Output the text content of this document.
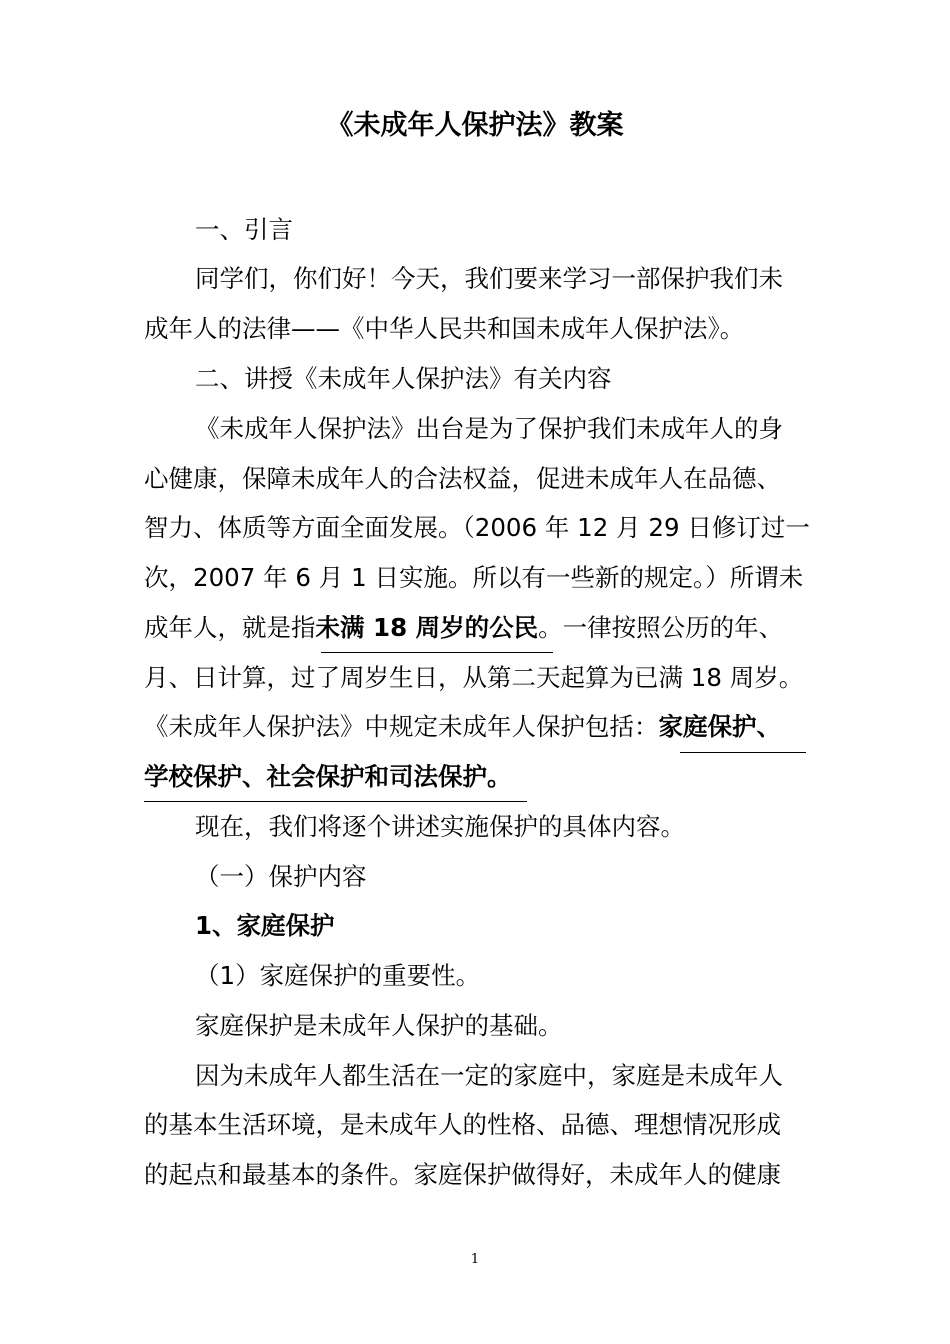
《未成年人保护法》教案
一、引言
同学们，你们好！今天，我们要来学习一部保护我们未
成年人的法律——《中华人民共和国未成年人保护法》。
二、讲授《未成年人保护法》有关内容
《未成年人保护法》出台是为了保护我们未成年人的身
心健康，保障未成年人的合法权益，促进未成年人在品德、
智力、体质等方面全面发展。（2006 年 12 月 29 日修订过一
次，2007 年 6 月 1 日实施。所以有一些新的规定。）所谓未
成年人，就是指未满 18 周岁的公民。一律按照公历的年、
月、日计算，过了周岁生日，从第二天起算为已满 18 周岁。
《未成年人保护法》中规定未成年人保护包括：家庭保护、
学校保护、社会保护和司法保护。
现在，我们将逐个讲述实施保护的具体内容。
（一）保护内容
1、家庭保护
（1）家庭保护的重要性。
家庭保护是未成年人保护的基础。
因为未成年人都生活在一定的家庭中，家庭是未成年人
的基本生活环境，是未成年人的性格、品德、理想情况形成
的起点和最基本的条件。家庭保护做得好，未成年人的健康
1
